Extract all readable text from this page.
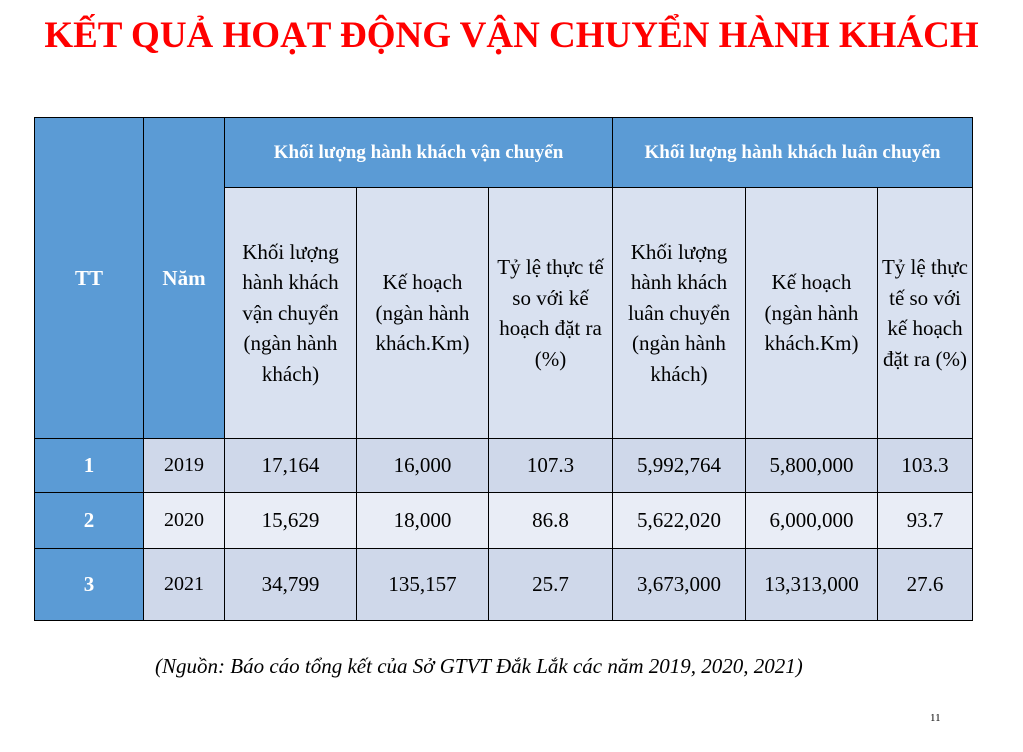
KẾT QUẢ HOẠT ĐỘNG VẬN CHUYỂN HÀNH KHÁCH
TT	Năm	Khối lượng hành khách vận chuyển			Khối lượng hành khách luân chuyển		
		Khối lượng hành khách vận chuyển (ngàn hành khách)	Kế hoạch (ngàn hành khách.Km)	Tỷ lệ thực tế so với kế hoạch đặt ra (%)	Khối lượng hành khách luân chuyển (ngàn hành khách)	Kế hoạch (ngàn hành khách.Km)	Tỷ lệ thực tế so với kế hoạch đặt ra (%)
1	2019	17,164	16,000	107.3	5,992,764	5,800,000	103.3
2	2020	15,629	18,000	86.8	5,622,020	6,000,000	93.7
3	2021	34,799	135,157	25.7	3,673,000	13,313,000	27.6
(Nguồn: Báo cáo tổng kết của Sở GTVT Đắk Lắk các năm 2019, 2020, 2021)
11
